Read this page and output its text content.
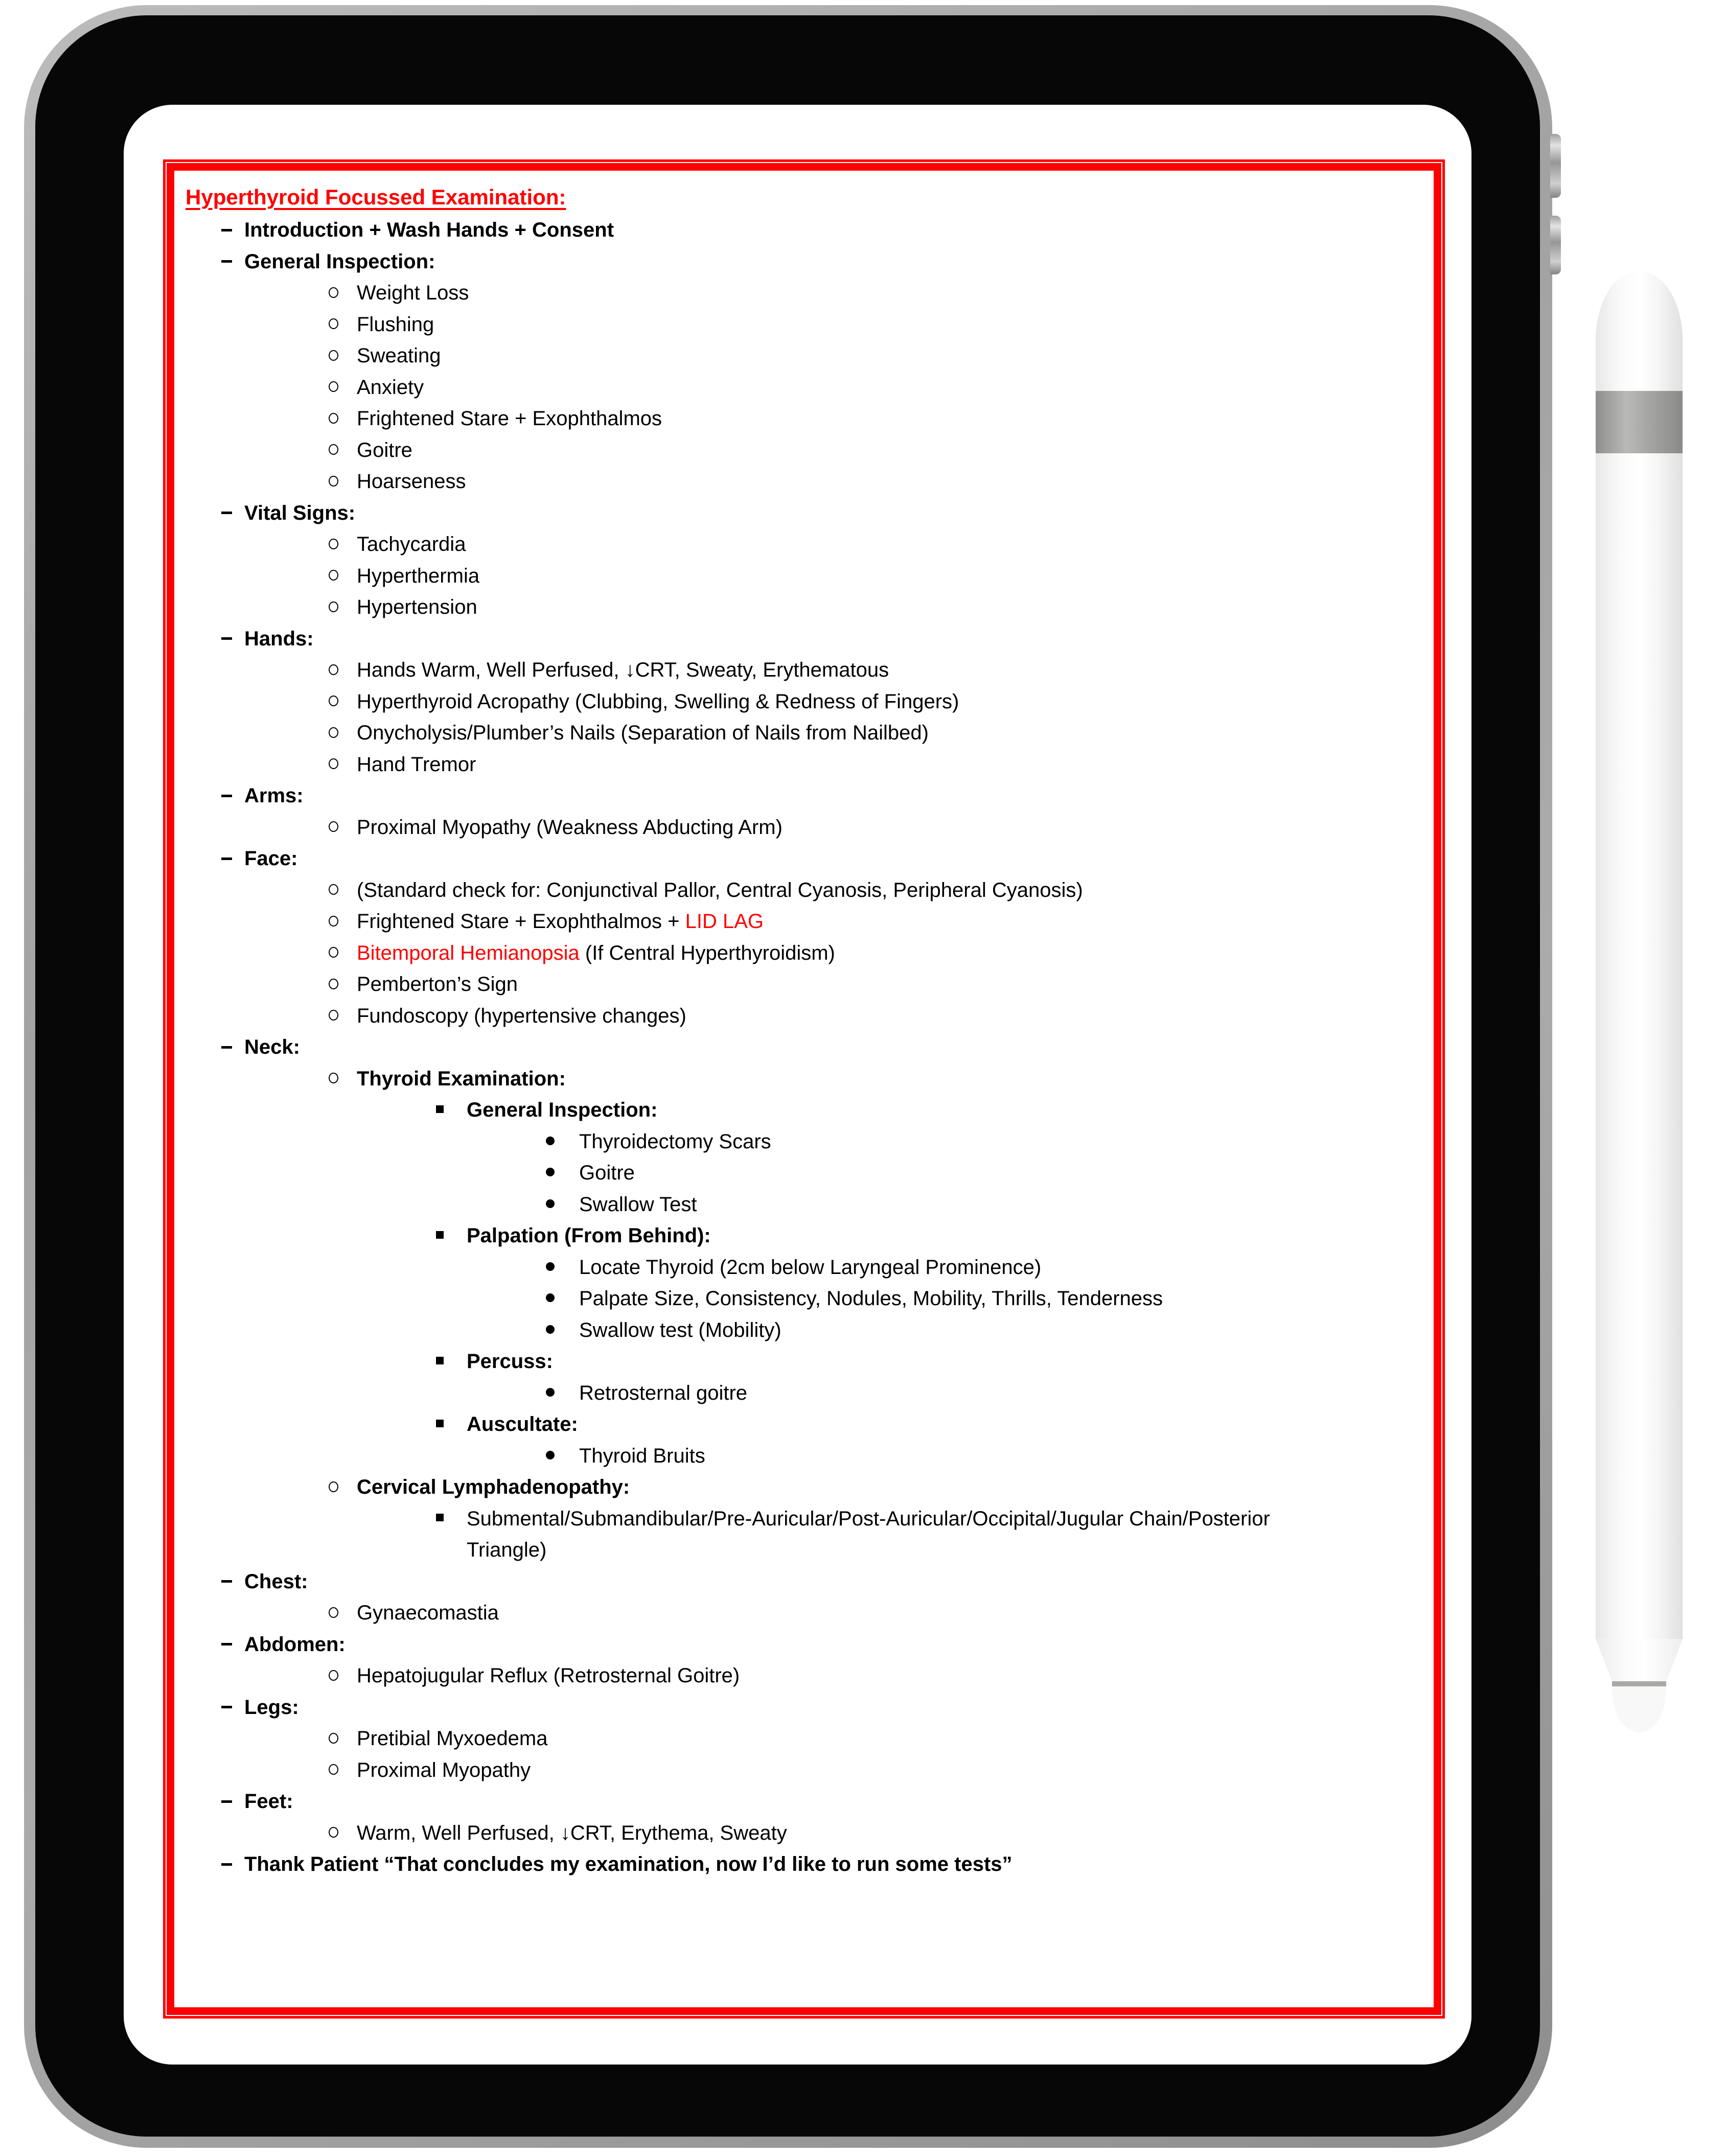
Hyperthyroid Focussed Examination:
Introduction + Wash Hands + Consent
General Inspection:
Weight Loss
Flushing
Sweating
Anxiety
Frightened Stare + Exophthalmos
Goitre
Hoarseness
Vital Signs:
Tachycardia
Hyperthermia
Hypertension
Hands:
Hands Warm, Well Perfused, ↓CRT, Sweaty, Erythematous
Hyperthyroid Acropathy (Clubbing, Swelling & Redness of Fingers)
Onycholysis/Plumber’s Nails (Separation of Nails from Nailbed)
Hand Tremor
Arms:
Proximal Myopathy (Weakness Abducting Arm)
Face:
(Standard check for: Conjunctival Pallor, Central Cyanosis, Peripheral Cyanosis)
Frightened Stare + Exophthalmos + LID LAG
Bitemporal Hemianopsia (If Central Hyperthyroidism)
Pemberton’s Sign
Fundoscopy (hypertensive changes)
Neck:
Thyroid Examination:
General Inspection:
Thyroidectomy Scars
Goitre
Swallow Test
Palpation (From Behind):
Locate Thyroid (2cm below Laryngeal Prominence)
Palpate Size, Consistency, Nodules, Mobility, Thrills, Tenderness
Swallow test (Mobility)
Percuss:
Retrosternal goitre
Auscultate:
Thyroid Bruits
Cervical Lymphadenopathy:
Submental/Submandibular/Pre-Auricular/Post-Auricular/Occipital/Jugular Chain/Posterior
Triangle)
Chest:
Gynaecomastia
Abdomen:
Hepatojugular Reflux (Retrosternal Goitre)
Legs:
Pretibial Myxoedema
Proximal Myopathy
Feet:
Warm, Well Perfused, ↓CRT, Erythema, Sweaty
Thank Patient “That concludes my examination, now I’d like to run some tests”
